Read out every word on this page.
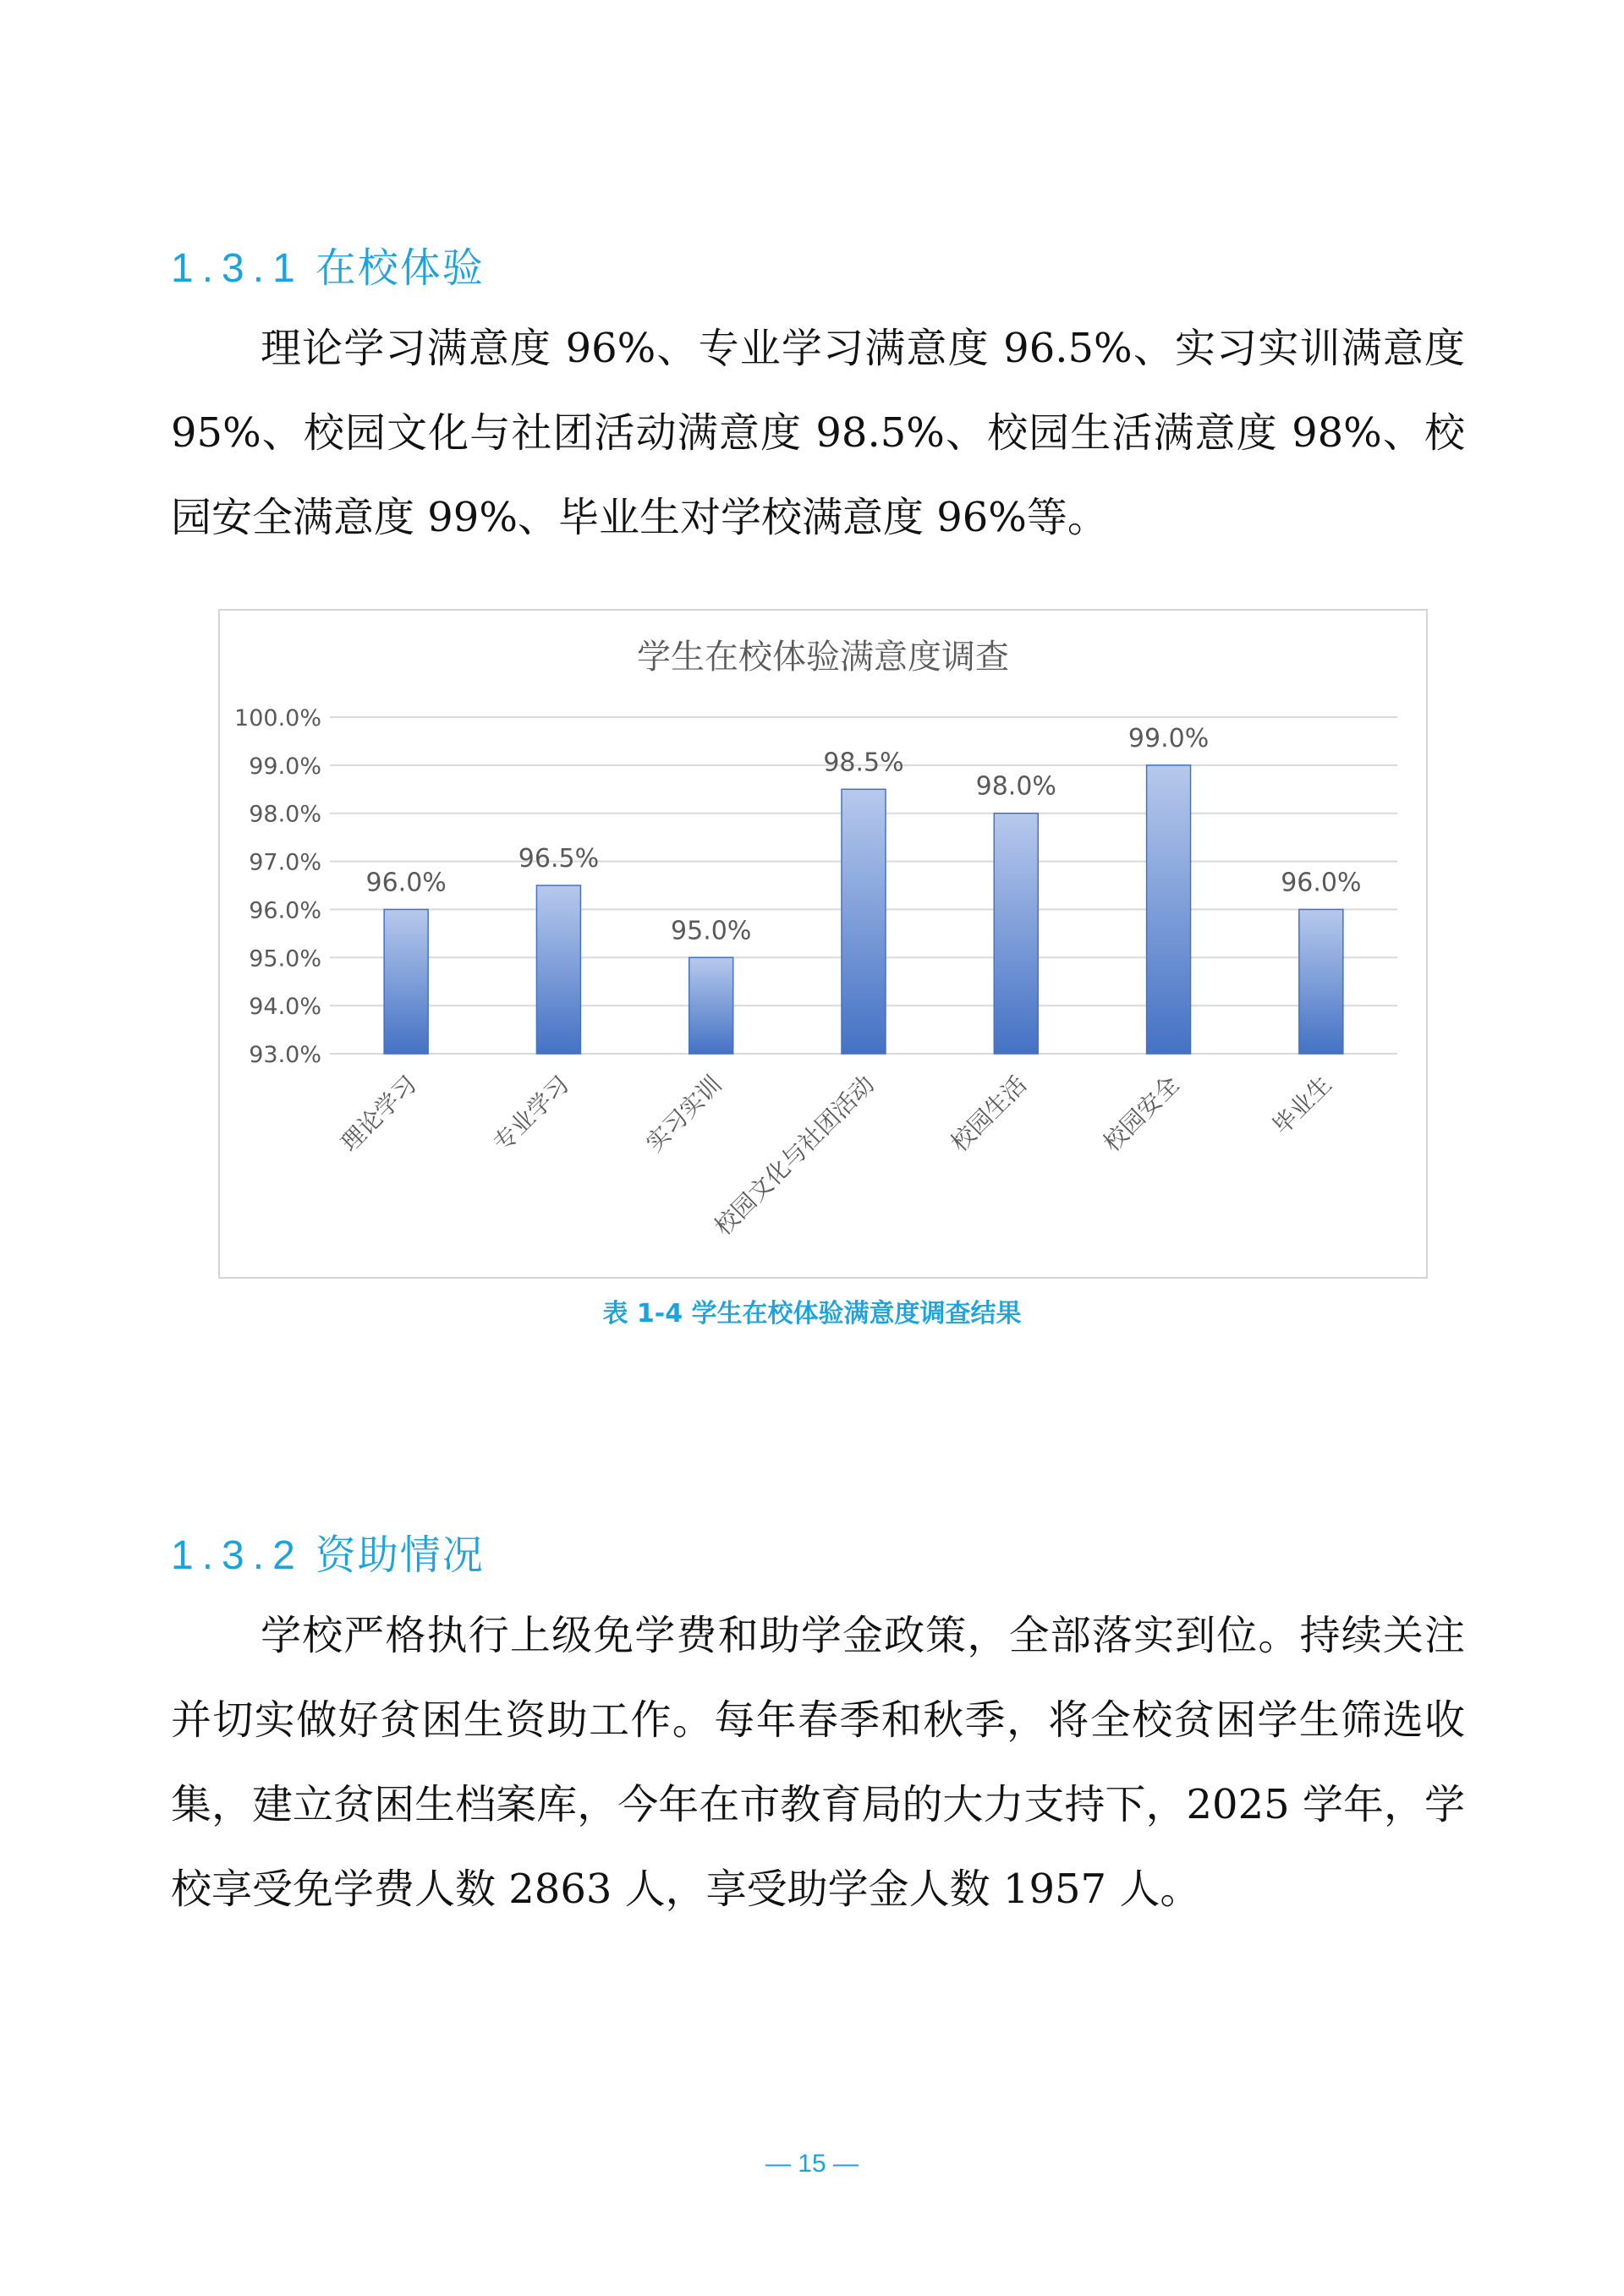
1.3.1 在校体验

理论学习满意度 96%、专业学习满意度 96.5%、实习实训满意度 95%、校园文化与社团活动满意度 98.5%、校园生活满意度 98%、校园安全满意度 99%、毕业生对学校满意度 96%等。

学生在校体验满意度调查
93.0%
94.0%
95.0%
96.0%
97.0%
98.0%
99.0%
100.0%
96.0%
理论学习
96.5%
专业学习
95.0%
实习实训
98.5%
校园文化与社团活动
98.0%
校园生活
99.0%
校园安全
96.0%
毕业生

表 1-4 学生在校体验满意度调查结果

1.3.2 资助情况

学校严格执行上级免学费和助学金政策，全部落实到位。持续关注并切实做好贫困生资助工作。每年春季和秋季，将全校贫困学生筛选收集，建立贫困生档案库，今年在市教育局的大力支持下，2025 学年，学校享受免学费人数 2863 人，享受助学金人数 1957 人。

— 15 —
